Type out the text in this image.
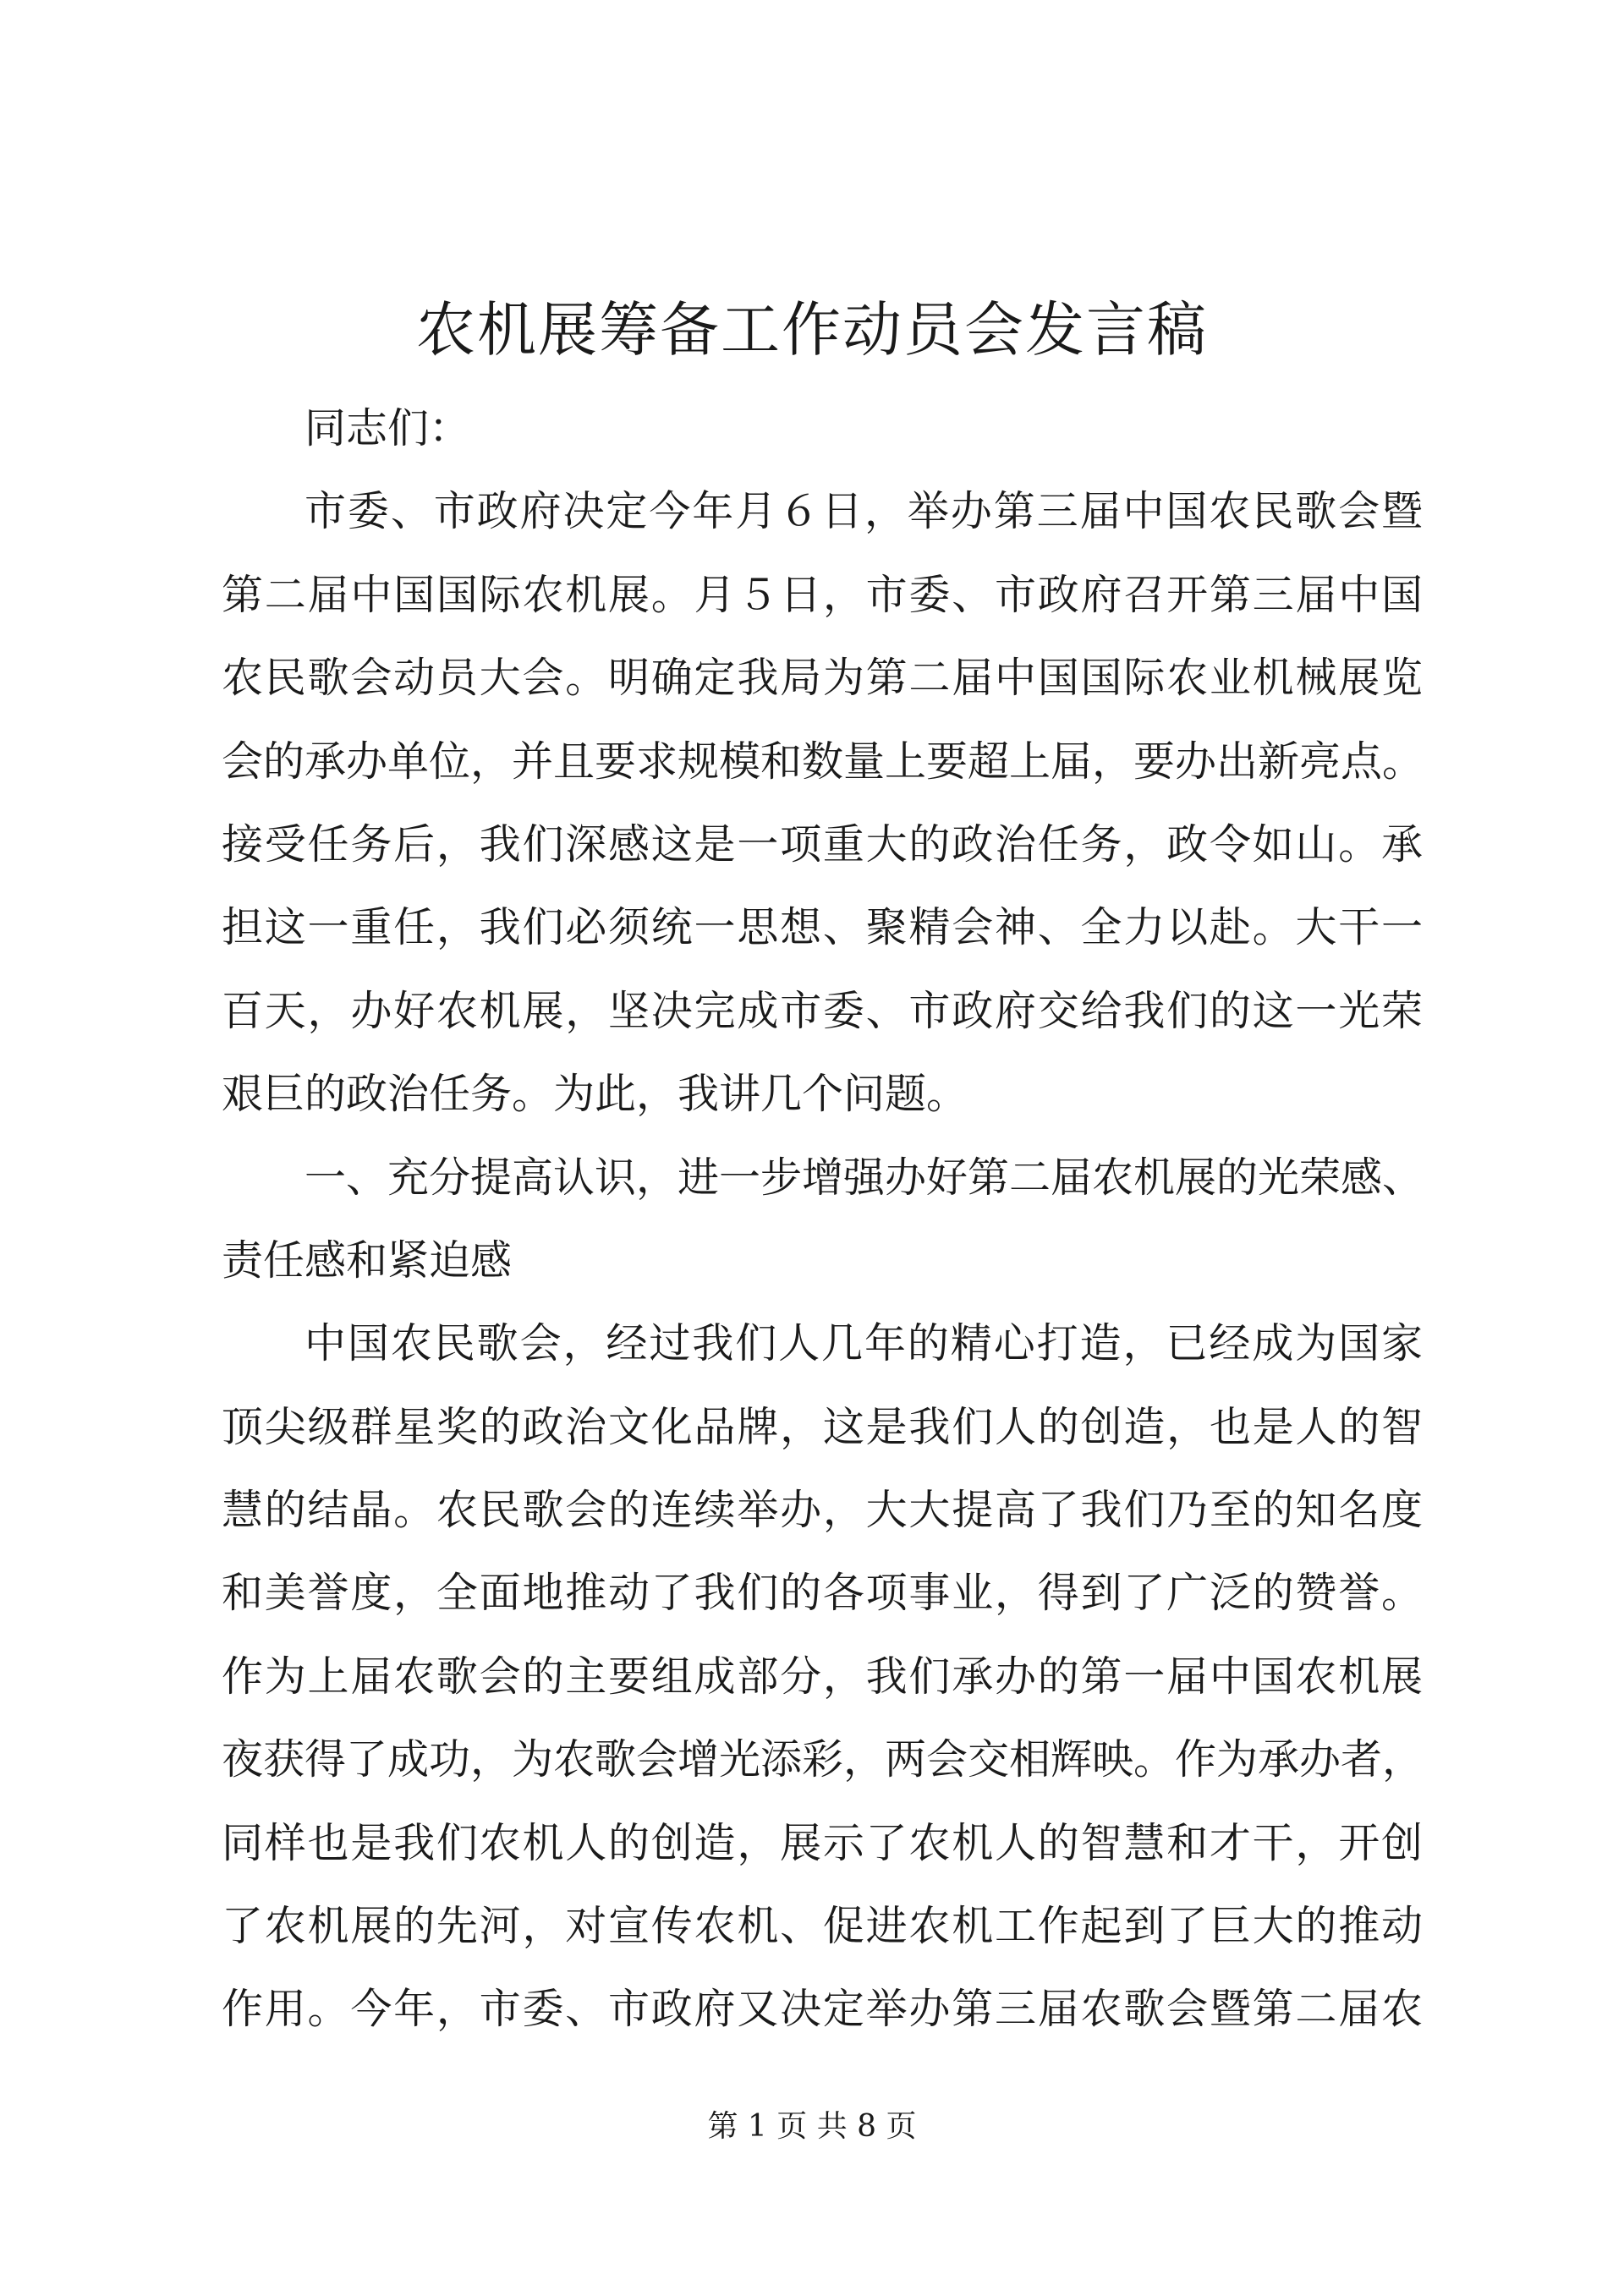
农机展筹备工作动员会发言稿
同志们：
市委、市政府决定今年月６日，举办第三届中国农民歌会暨
第二届中国国际农机展。月５日，市委、市政府召开第三届中国
农民歌会动员大会。明确定我局为第二届中国国际农业机械展览
会的承办单位，并且要求规模和数量上要超上届，要办出新亮点。
接受任务后，我们深感这是一项重大的政治任务，政令如山。承
担这一重任，我们必须统一思想、聚精会神、全力以赴。大干一
百天，办好农机展，坚决完成市委、市政府交给我们的这一光荣
艰巨的政治任务。为此，我讲几个问题。
一、充分提高认识，进一步增强办好第二届农机展的光荣感、
责任感和紧迫感
中国农民歌会，经过我们人几年的精心打造，已经成为国家
顶尖级群星奖的政治文化品牌，这是我们人的创造，也是人的智
慧的结晶。农民歌会的连续举办，大大提高了我们乃至的知名度
和美誉度，全面地推动了我们的各项事业，得到了广泛的赞誉。
作为上届农歌会的主要组成部分，我们承办的第一届中国农机展
夜获得了成功，为农歌会增光添彩，两会交相辉映。作为承办者，
同样也是我们农机人的创造，展示了农机人的智慧和才干，开创
了农机展的先河，对宣传农机、促进农机工作起到了巨大的推动
作用。今年，市委、市政府又决定举办第三届农歌会暨第二届农
第 1 页 共 8 页
